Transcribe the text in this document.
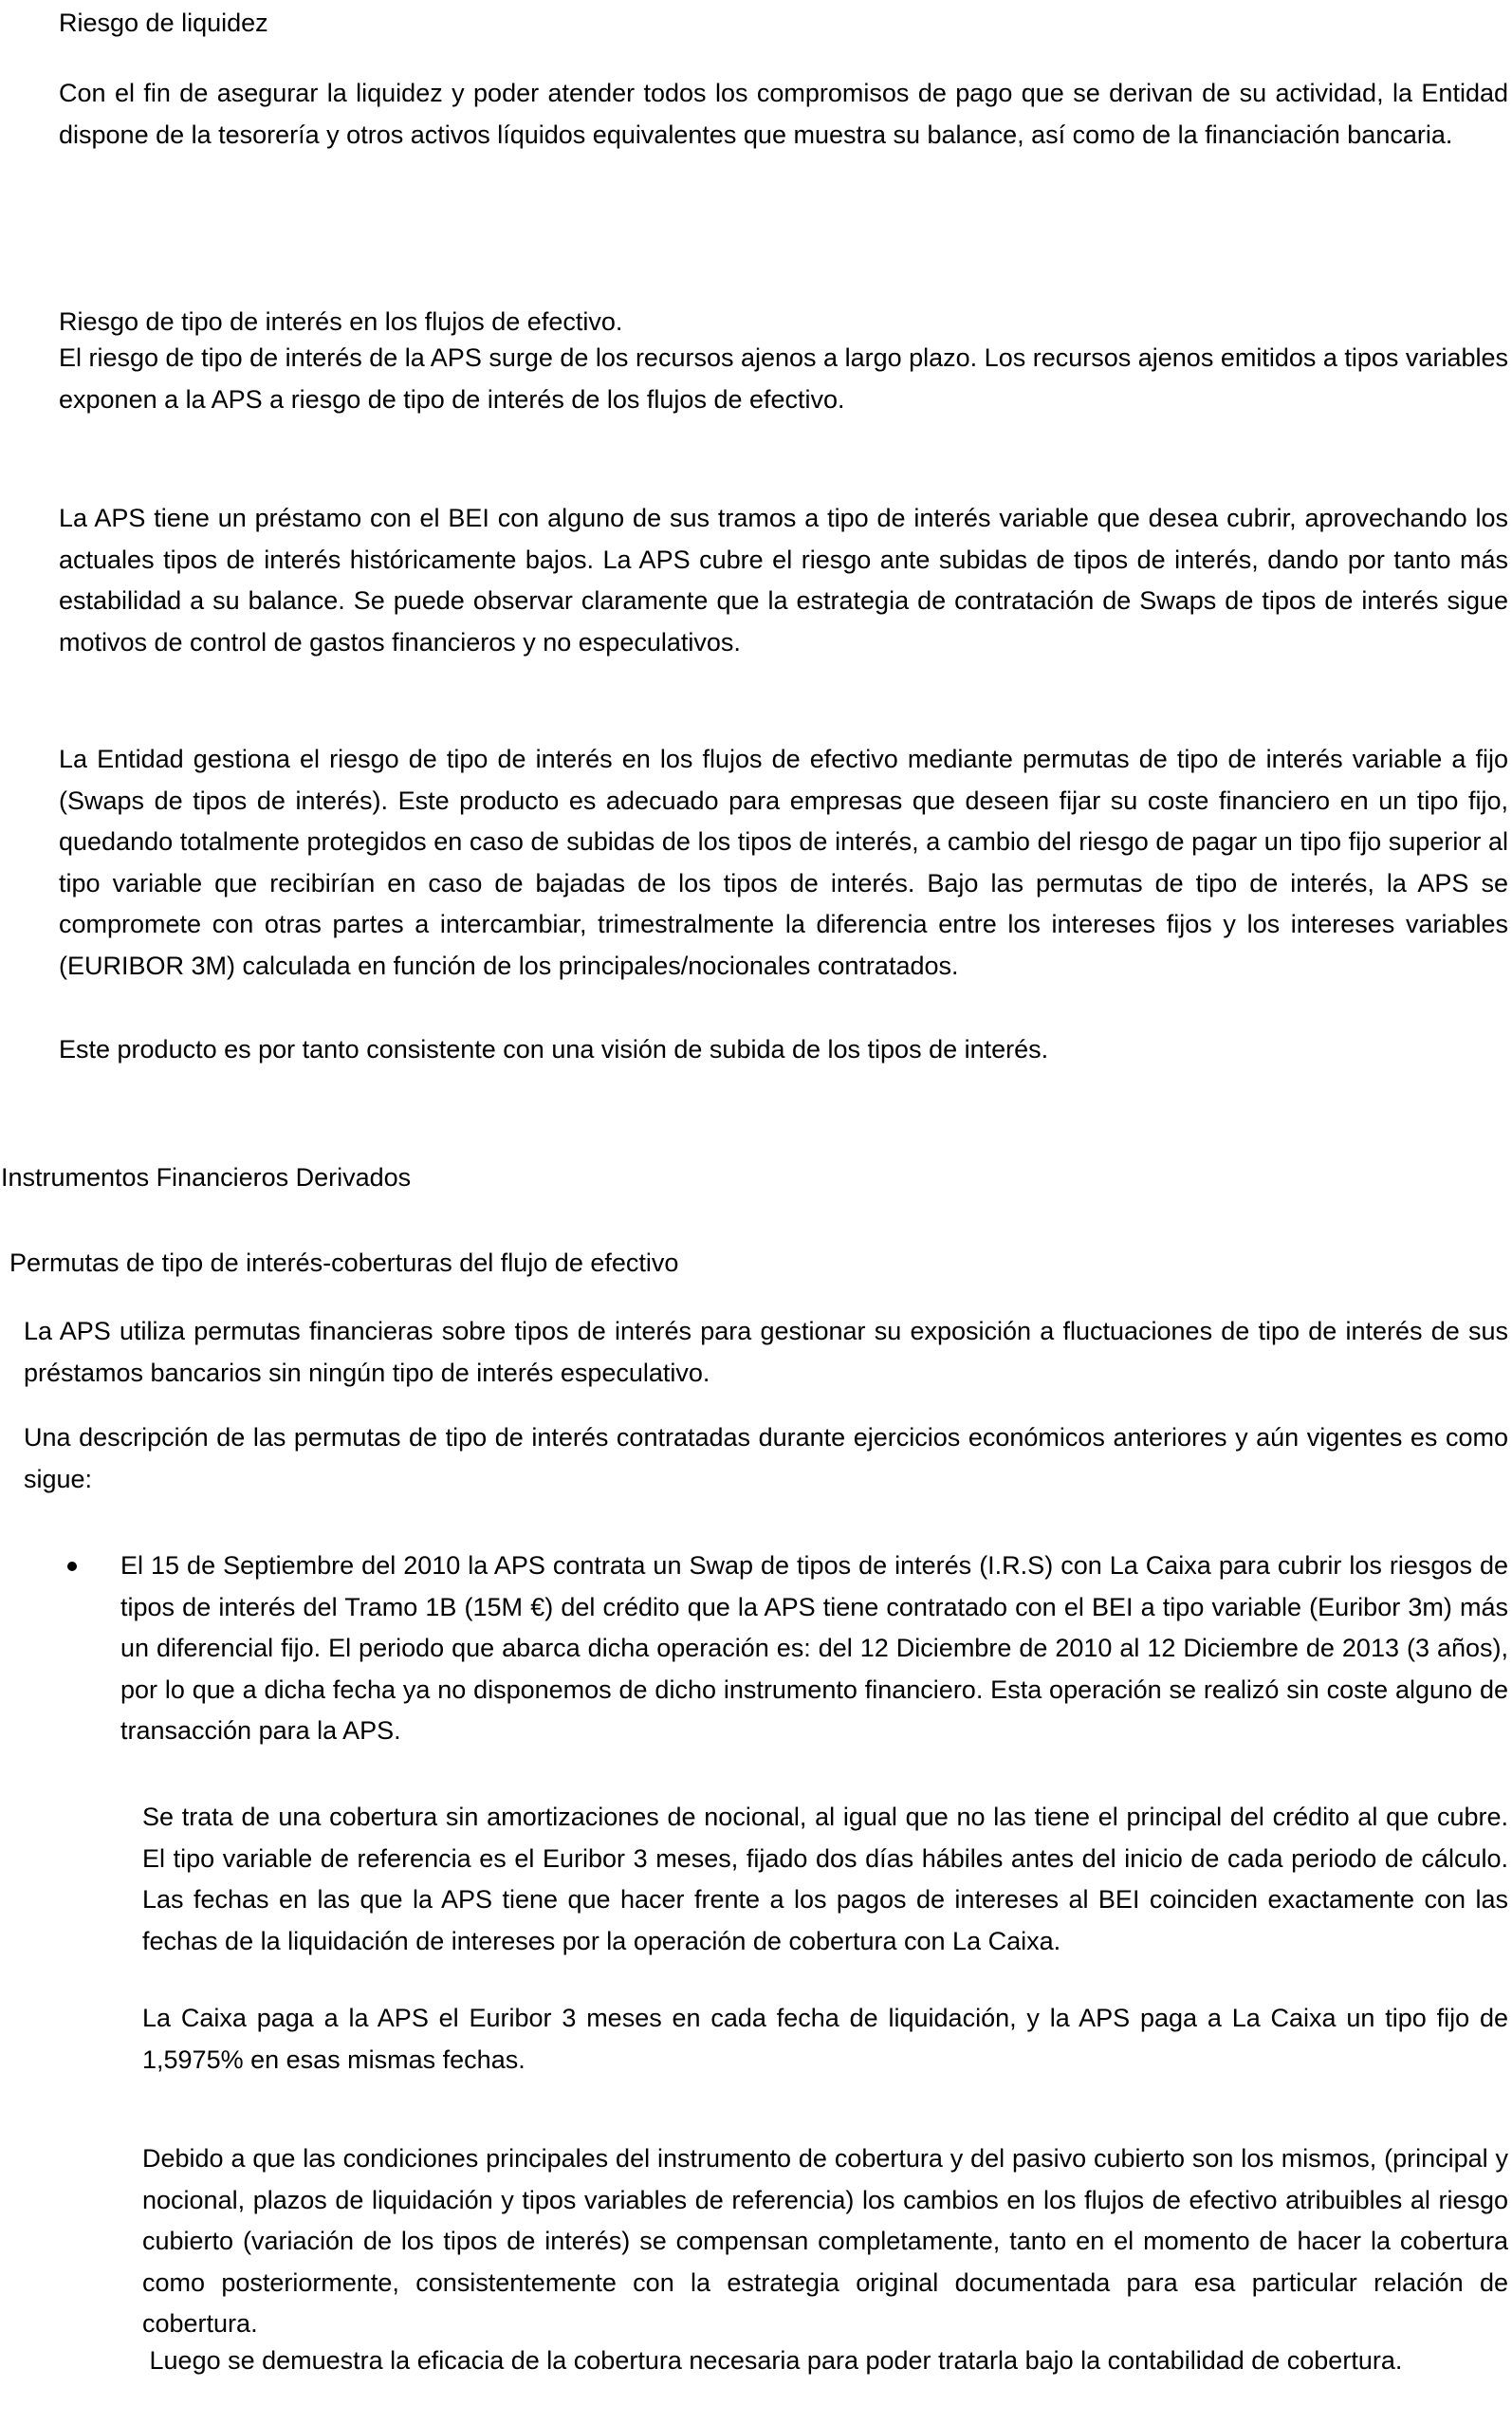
Riesgo de liquidez

Con el fin de asegurar la liquidez y poder atender todos los compromisos de pago que se derivan de su actividad, la Entidad dispone de la tesorería y otros activos líquidos equivalentes que muestra su balance, así como de la financiación bancaria.

Riesgo de tipo de interés en los flujos de efectivo.

El riesgo de tipo de interés de la APS surge de los recursos ajenos a largo plazo. Los recursos ajenos emitidos a tipos variables exponen a la APS a riesgo de tipo de interés de los flujos de efectivo.

La APS tiene un préstamo con el BEI con alguno de sus tramos a tipo de interés variable que desea cubrir, aprovechando los actuales tipos de interés históricamente bajos. La APS cubre el riesgo ante subidas de tipos de interés, dando por tanto más estabilidad a su balance. Se puede observar claramente que la estrategia de contratación de Swaps de tipos de interés sigue motivos de control de gastos financieros y no especulativos.

La Entidad gestiona el riesgo de tipo de interés en los flujos de efectivo mediante permutas de tipo de interés variable a fijo (Swaps de tipos de interés). Este producto es adecuado para empresas que deseen fijar su coste financiero en un tipo fijo, quedando totalmente protegidos en caso de subidas de los tipos de interés, a cambio del riesgo de pagar un tipo fijo superior al tipo variable que recibirían en caso de bajadas de los tipos de interés. Bajo las permutas de tipo de interés, la APS se compromete con otras partes a intercambiar, trimestralmente la diferencia entre los intereses fijos y los intereses variables (EURIBOR 3M) calculada en función de los principales/nocionales contratados.

Este producto es por tanto consistente con una visión de subida de los tipos de interés.

Instrumentos Financieros Derivados
Permutas de tipo de interés-coberturas del flujo de efectivo

La APS utiliza permutas financieras sobre tipos de interés para gestionar su exposición a fluctuaciones de tipo de interés de sus préstamos bancarios sin ningún tipo de interés especulativo.

Una descripción de las permutas de tipo de interés contratadas durante ejercicios económicos anteriores y aún vigentes es como sigue:

El 15 de Septiembre del 2010 la APS contrata un Swap de tipos de interés (I.R.S) con La Caixa para cubrir los riesgos de tipos de interés del Tramo 1B (15M €) del crédito que la APS tiene contratado con el BEI a tipo variable (Euribor 3m) más un diferencial fijo. El periodo que abarca dicha operación es: del 12 Diciembre de 2010 al 12 Diciembre de 2013 (3 años), por lo que a dicha fecha ya no disponemos de dicho instrumento financiero. Esta operación se realizó sin coste alguno de transacción para la APS.

Se trata de una cobertura sin amortizaciones de nocional, al igual que no las tiene el principal del crédito al que cubre. El tipo variable de referencia es el Euribor 3 meses, fijado dos días hábiles antes del inicio de cada periodo de cálculo. Las fechas en las que la APS tiene que hacer frente a los pagos de intereses al BEI coinciden exactamente con las fechas de la liquidación de intereses por la operación de cobertura con La Caixa.

La Caixa paga a la APS el Euribor 3 meses en cada fecha de liquidación, y la APS paga a La Caixa un tipo fijo de 1,5975% en esas mismas fechas.

Debido a que las condiciones principales del instrumento de cobertura y del pasivo cubierto son los mismos, (principal y nocional, plazos de liquidación y tipos variables de referencia) los cambios en los flujos de efectivo atribuibles al riesgo cubierto (variación de los tipos de interés) se compensan completamente, tanto en el momento de hacer la cobertura como posteriormente, consistentemente con la estrategia original documentada para esa particular relación de cobertura.

Luego se demuestra la eficacia de la cobertura necesaria para poder tratarla bajo la contabilidad de cobertura.
